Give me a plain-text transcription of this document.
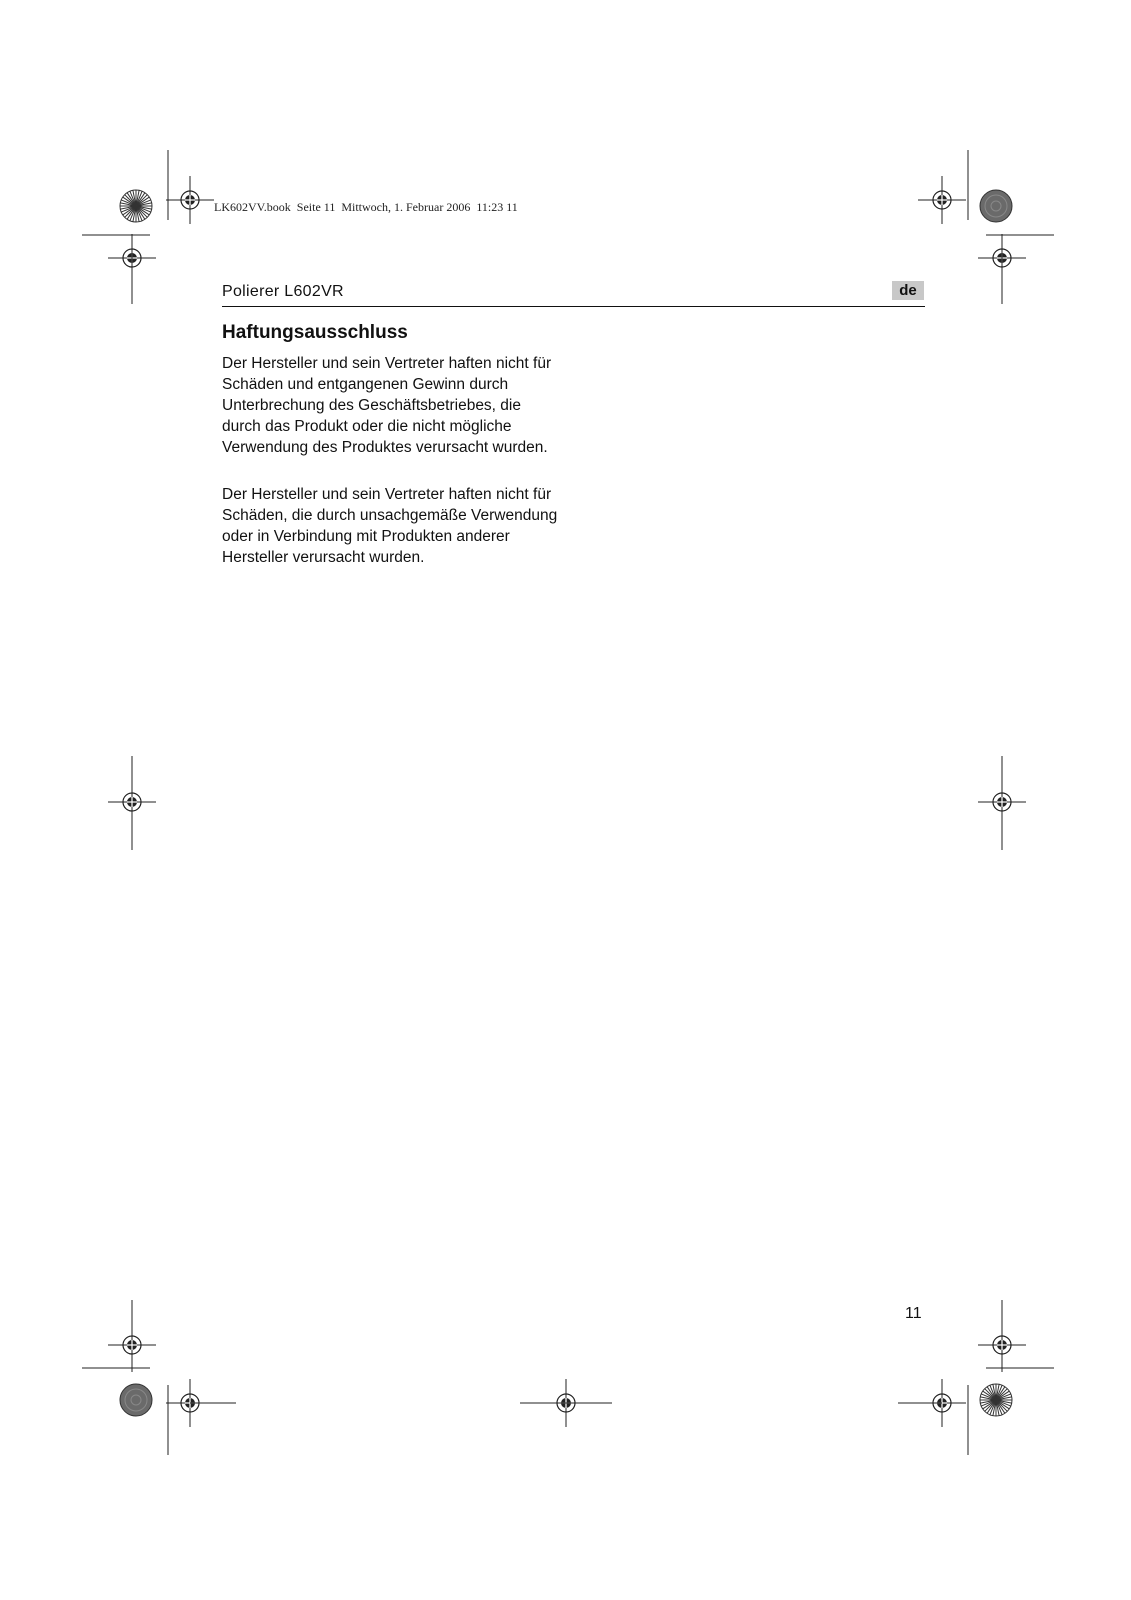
LK602VV.book  Seite 11  Mittwoch, 1. Februar 2006  11:23 11
Polierer L602VR	de
Haftungsausschluss

Der Hersteller und sein Vertreter haften nicht für Schäden und entgangenen Gewinn durch Unterbrechung des Geschäftsbetriebes, die durch das Produkt oder die nicht mögliche Verwendung des Produktes verursacht wurden.

Der Hersteller und sein Vertreter haften nicht für Schäden, die durch unsachgemäße Verwendung oder in Verbindung mit Produkten anderer Hersteller verursacht wurden.

11
